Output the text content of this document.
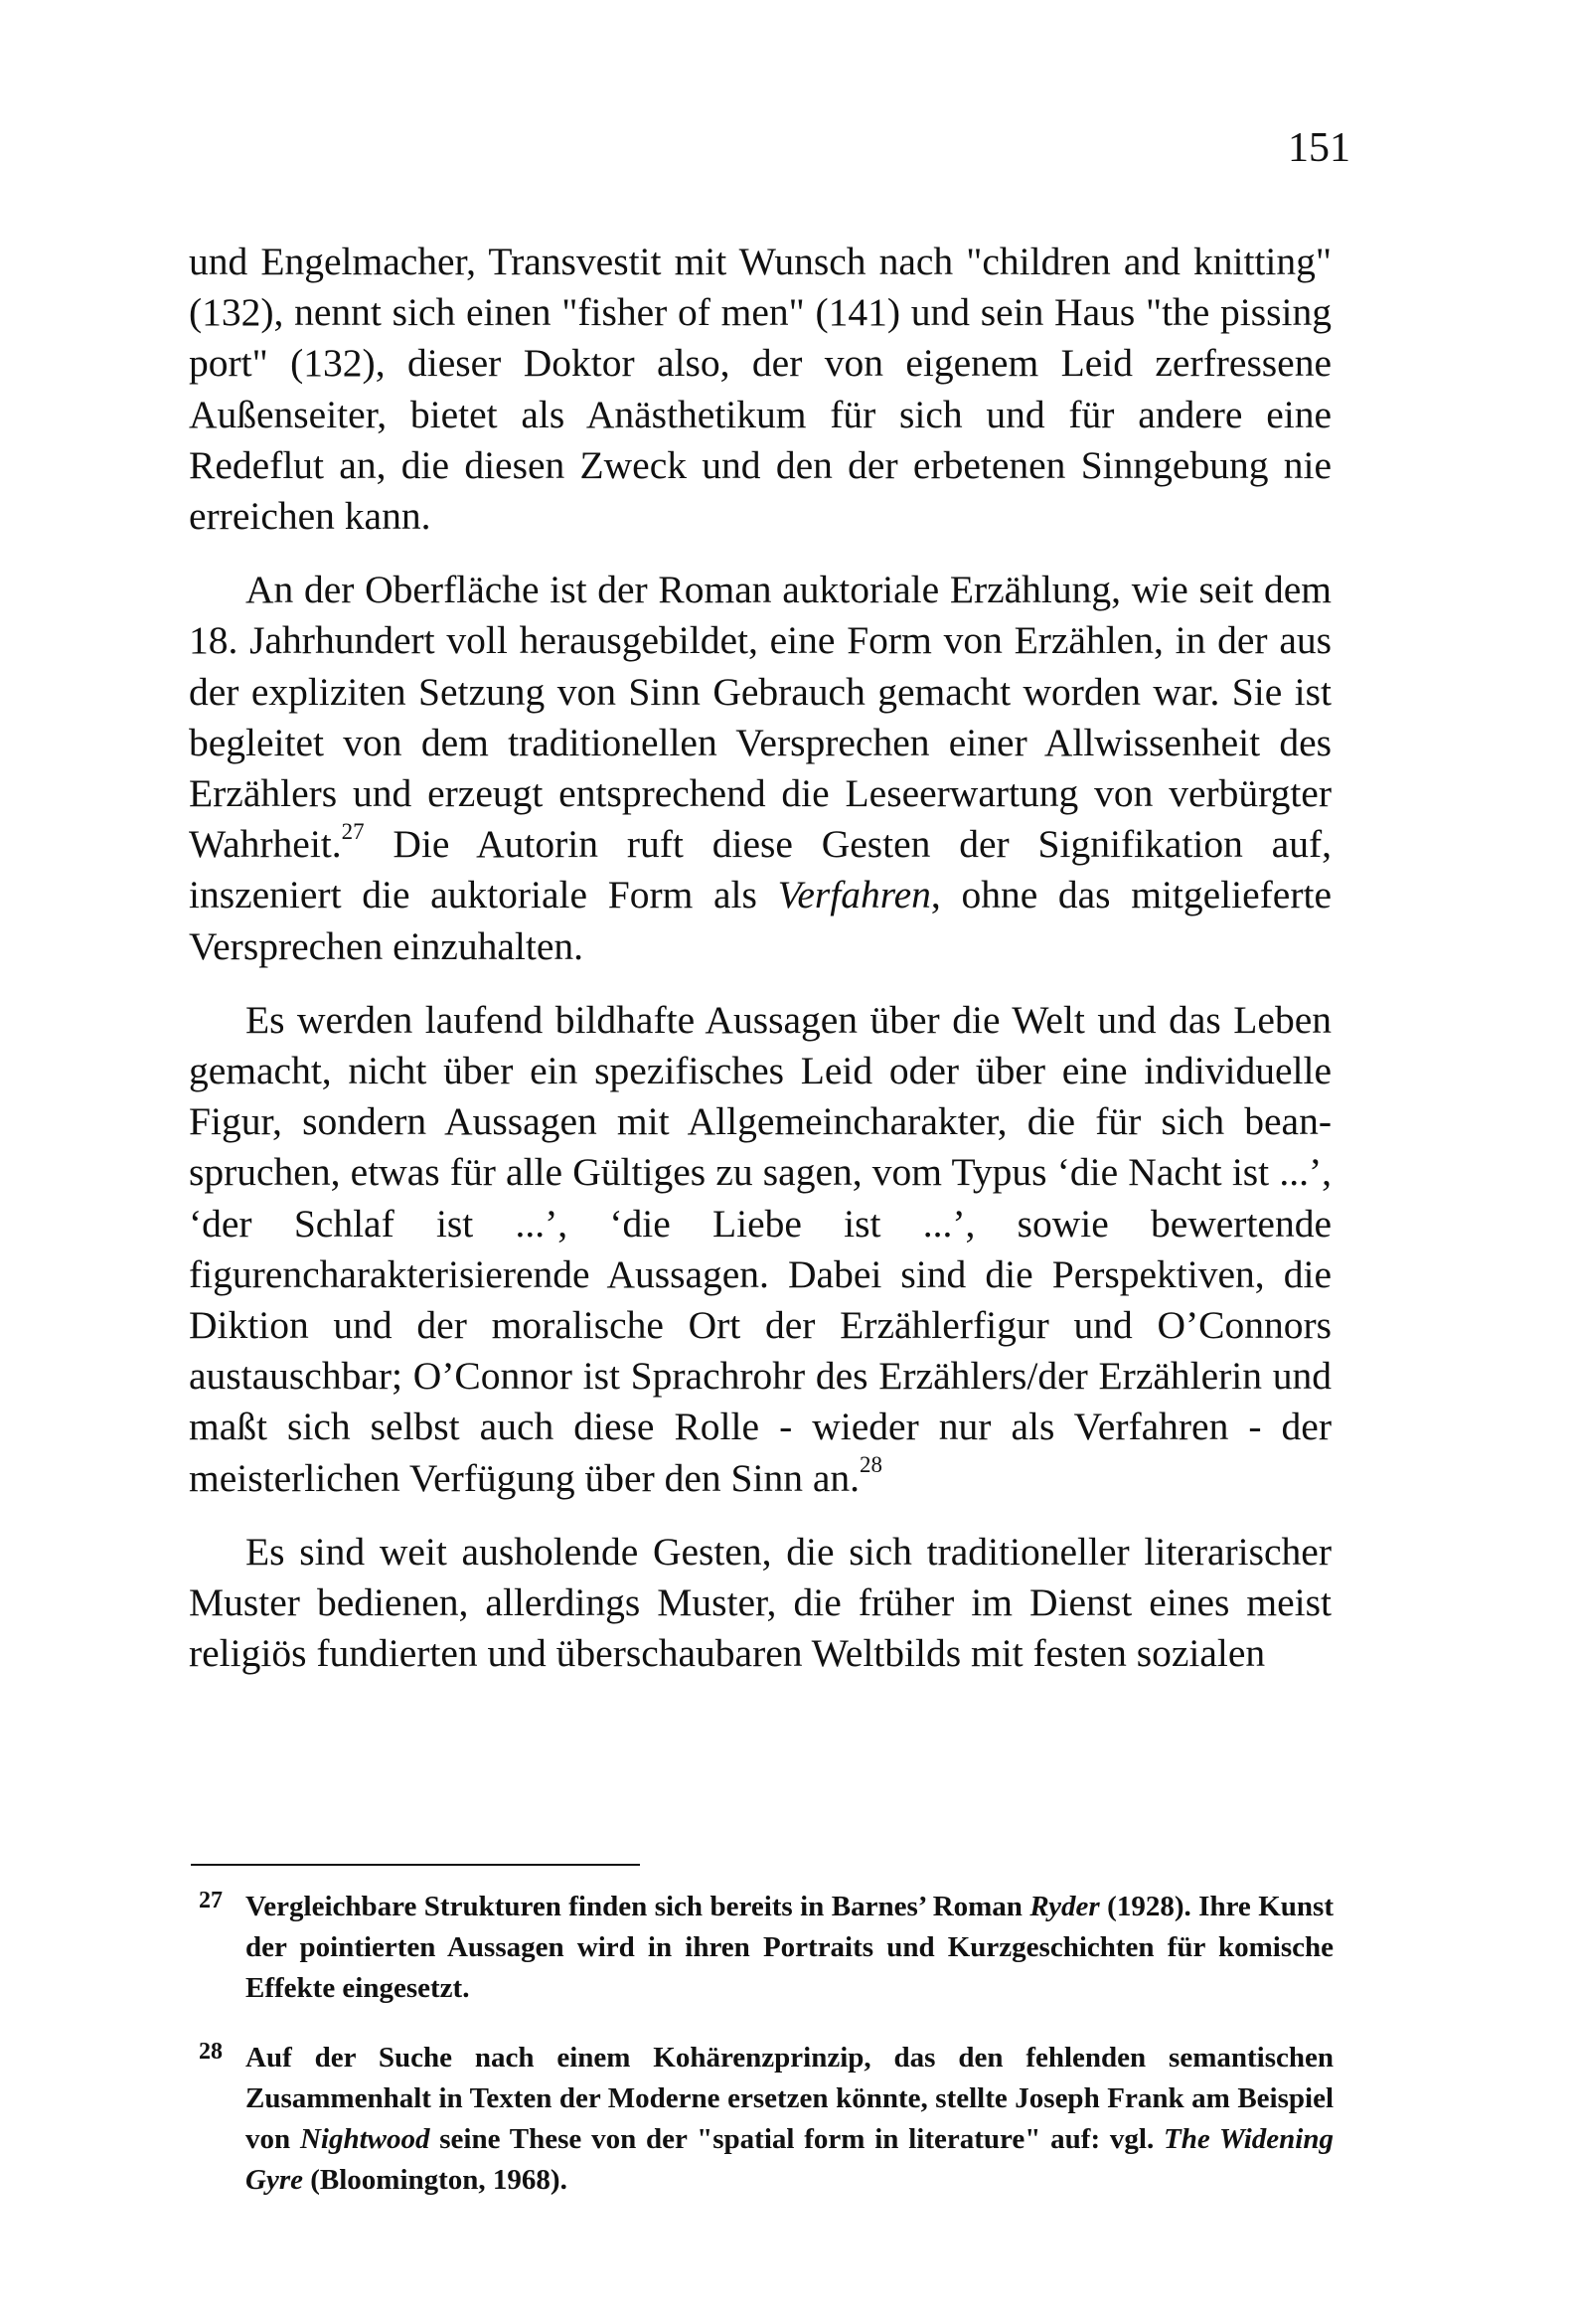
151

und Engelmacher, Transvestit mit Wunsch nach "children and knitting" (132), nennt sich einen "fisher of men" (141) und sein Haus "the pissing port" (132), dieser Doktor also, der von eigenem Leid zerfressene Außenseiter, bietet als Anästhetikum für sich und für andere eine Redeflut an, die diesen Zweck und den der erbetenen Sinngebung nie erreichen kann.

An der Oberfläche ist der Roman auktoriale Erzählung, wie seit dem 18. Jahrhundert voll herausgebildet, eine Form von Erzählen, in der aus der expliziten Setzung von Sinn Gebrauch gemacht worden war. Sie ist begleitet von dem traditionellen Versprechen einer Allwissenheit des Erzählers und erzeugt entsprechend die Leseerwartung von verbürgter Wahrheit.$^{27}$ Die Autorin ruft diese Gesten der Signifikation auf, inszeniert die auktoriale Form als Verfahren, ohne das mitgelieferte Versprechen einzuhalten.

Es werden laufend bildhafte Aussagen über die Welt und das Leben gemacht, nicht über ein spezifisches Leid oder über eine individuelle Figur, sondern Aussagen mit Allgemeincharakter, die für sich beanspruchen, etwas für alle Gültiges zu sagen, vom Typus ‘die Nacht ist ...’, ‘der Schlaf ist ...’, ‘die Liebe ist ...’, sowie bewertende figurencharakterisierende Aussagen. Dabei sind die Perspektiven, die Diktion und der moralische Ort der Erzählerfigur und O’Connors austauschbar; O’Connor ist Sprachrohr des Erzählers/der Erzählerin und maßt sich selbst auch diese Rolle - wieder nur als Verfahren - der meisterlichen Verfügung über den Sinn an.$^{28}$

Es sind weit ausholende Gesten, die sich traditioneller literarischer Muster bedienen, allerdings Muster, die früher im Dienst eines meist religiös fundierten und überschaubaren Weltbilds mit festen sozialen

27 Vergleichbare Strukturen finden sich bereits in Barnes’ Roman Ryder (1928). Ihre Kunst der pointierten Aussagen wird in ihren Portraits und Kurzgeschichten für komische Effekte eingesetzt.
28 Auf der Suche nach einem Kohärenzprinzip, das den fehlenden semantischen Zusammenhalt in Texten der Moderne ersetzen könnte, stellte Joseph Frank am Beispiel von Nightwood seine These von der "spatial form in literature" auf: vgl. The Widening Gyre (Bloomington, 1968).
